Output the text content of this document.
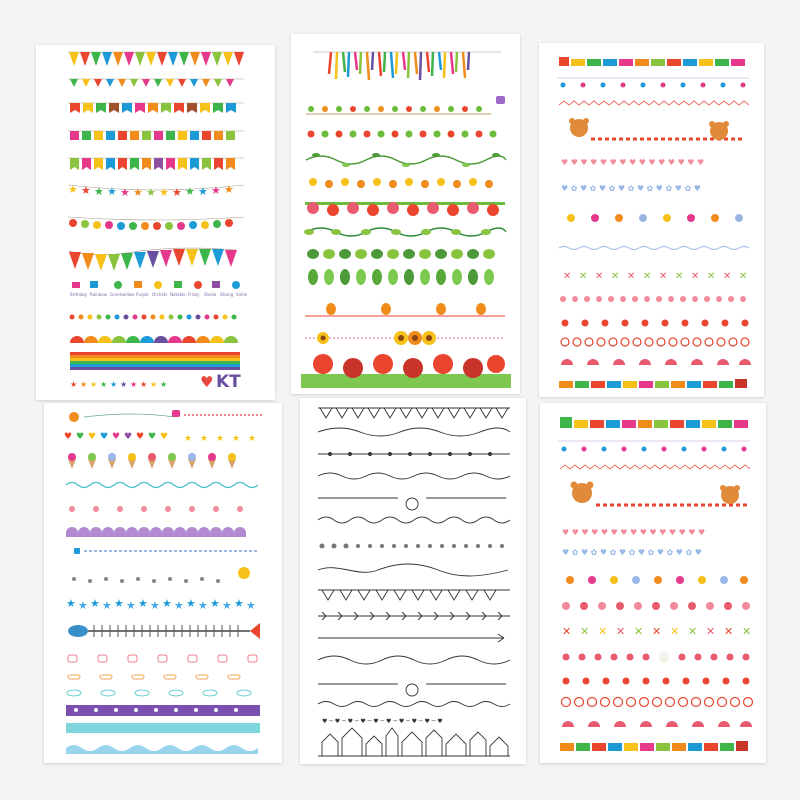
★ ★ ★ ★ ★ ★ ★ ★ ★ ★ ★ ★ ★
★ ★ ★ ★ ★ ★ ★ ★ ★ ★
Birthday Rainbow Greenwillow Purple Orchids Notable Frisky Sheila Strong Smile
♥ KT
♥ ♥ ♥ ♥ ♥ ♥ ♥ ♥ ♥ ♥ ♥ ♥ ♥ ♥ ♥
♥ ✿ ♥ ✿ ♥ ✿ ♥ ✿ ♥ ✿ ♥ ✿ ♥ ✿ ♥
✕ ✕ ✕ ✕ ✕ ✕ ✕ ✕ ✕ ✕ ✕ ✕
♥ ♥ ♥ ♥ ♥ ♥ ♥ ♥ ♥ ★ ★ ★ ★ ★
★ ★ ★ ★ ★ ★ ★ ★ ★ ★ ★ ★ ★ ★ ★ ★
♥ ─ ♥ ─ ♥ ─ ♥ ─ ♥ ─ ♥ ─ ♥ ─ ♥ ─ ♥ ─ ♥
♥ ♥ ♥ ♥ ♥ ♥ ♥ ♥ ♥ ♥ ♥ ♥ ♥ ♥ ♥
♥ ✿ ♥ ✿ ♥ ✿ ♥ ✿ ♥ ✿ ♥ ✿ ♥ ✿ ♥
✕ ✕ ✕ ✕ ✕ ✕ ✕ ✕ ✕ ✕ ✕
